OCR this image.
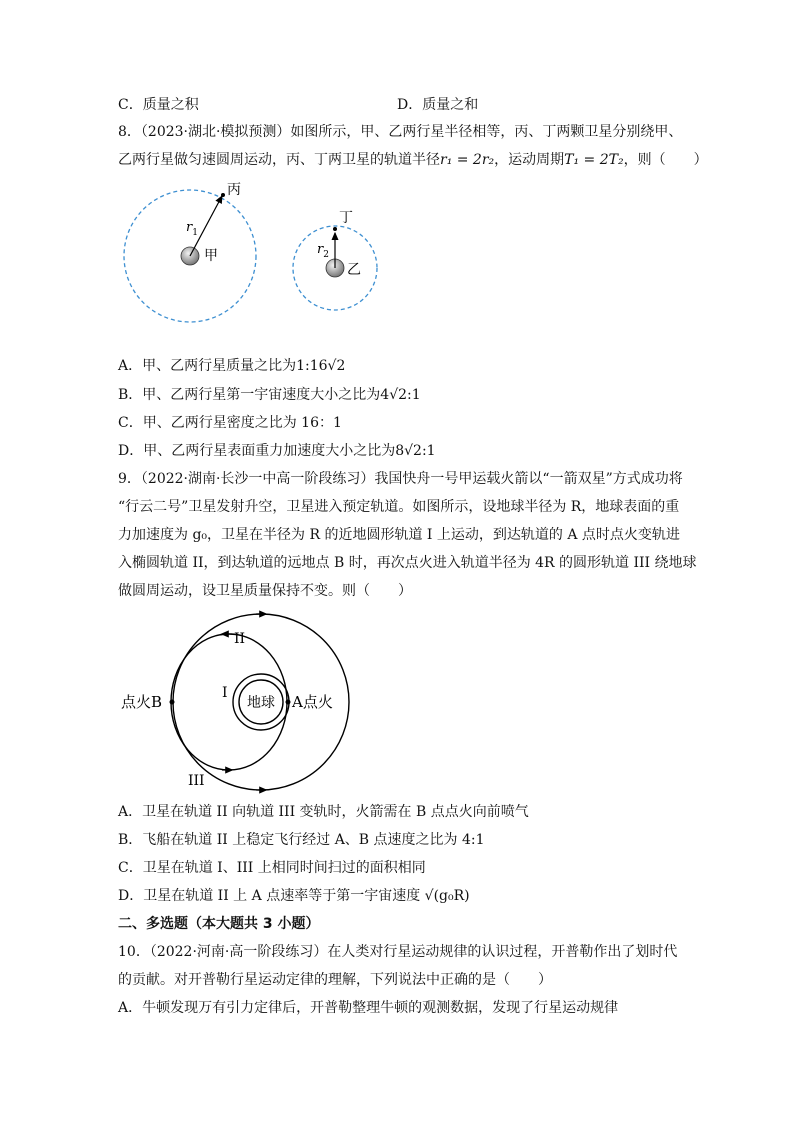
C．质量之积	D．质量之和
8．（2023·湖北·模拟预测）如图所示，甲、乙两行星半径相等，丙、丁两颗卫星分别绕甲、
乙两行星做匀速圆周运动，丙、丁两卫星的轨道半径r₁ = 2r₂，运动周期T₁ = 2T₂，则（　　）
丙
甲
$r_1$
丁
乙
$r_2$
A．甲、乙两行星质量之比为1:16√2
B．甲、乙两行星第一宇宙速度大小之比为4√2:1
C．甲、乙两行星密度之比为 16：1
D．甲、乙两行星表面重力加速度大小之比为8√2:1
9．（2022·湖南·长沙一中高一阶段练习）我国快舟一号甲运载火箭以“一箭双星”方式成功将
“行云二号”卫星发射升空，卫星进入预定轨道。如图所示，设地球半径为 R，地球表面的重
力加速度为 g₀，卫星在半径为 R 的近地圆形轨道 I 上运动，到达轨道的 A 点时点火变轨进
入椭圆轨道 II，到达轨道的远地点 B 时，再次点火进入轨道半径为 4R 的圆形轨道 III 绕地球
做圆周运动，设卫星质量保持不变。则（　　）
地球
点火B	A点火
I
II
III
A．卫星在轨道 II 向轨道 III 变轨时，火箭需在 B 点点火向前喷气
B．飞船在轨道 II 上稳定飞行经过 A、B 点速度之比为 4:1
C．卫星在轨道 I、III 上相同时间扫过的面积相同
D．卫星在轨道 II 上 A 点速率等于第一宇宙速度 √(g₀R)
二、多选题（本大题共 3 小题）
10．（2022·河南·高一阶段练习）在人类对行星运动规律的认识过程，开普勒作出了划时代
的贡献。对开普勒行星运动定律的理解，下列说法中正确的是（　　）
A．牛顿发现万有引力定律后，开普勒整理牛顿的观测数据，发现了行星运动规律
